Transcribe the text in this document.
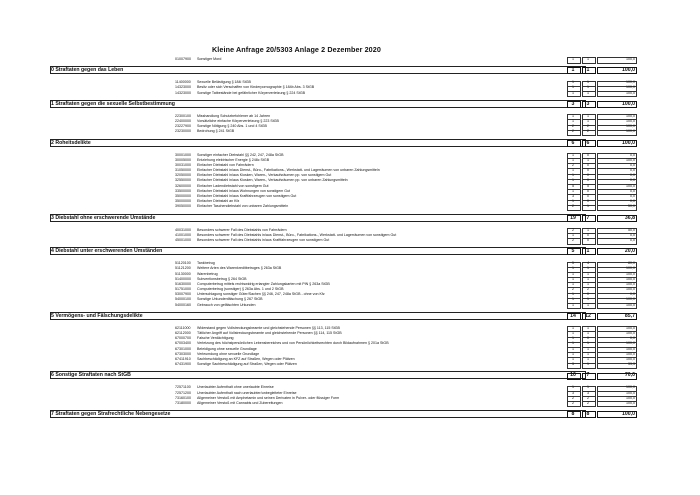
Kleine Anfrage 20/5303 Anlage 2 Dezember 2020
01007900	Sonstiger Mord	1	1	100,0
0 Straftaten gegen das Leben	1	1	100,0
11400000	Sexuelle Belästigung § 184i StGB	1	1	100,0
14323000	Besitz oder sich Verschaffen von Kinderpornographie § 184b Abs. 3 StGB	1	1	100,0
14323000	Sonstige Tatbestände bei gefährlicher Körperverletzung § 224 StGB	1	1	100,0
1 Straftaten gegen die sexuelle Selbstbestimmung	3	3	100,0
22300100	Misshandlung Schutzbefohlener ab 14 Jahren	1	1	100,0
22400000	Vorsätzliche einfache Körperverletzung § 223 StGB	1	1	100,0
23227900	Sonstige Nötigung § 240 Abs. 1 und 4 StGB	2	2	100,0
23230000	Bedrohung § 241 StGB	2	2	100,0
2 Roheitsdelikte	6	6	100,0
30001000	Sonstiger einfacher Diebstahl §§ 242, 247, 248a StGB	1	0	0,0
30005000	Entziehung elektrischer Energie § 248c StGB	1	1	100,0
30031000	Einfacher Diebstahl von Fahrrädern	2	0	0,0
31050000	Einfacher Diebstahl in/aus Dienst-, Büro-, Fabrikations-, Werkstatt- und Lagerräumen von unbaren Zahlungsmitteln	1	0	0,0
32050000	Einfacher Diebstahl in/aus Kiosken, Waren-, Verkaufsräumen pp. von sonstigem Gut	1	0	0,0
32550000	Einfacher Diebstahl in/aus Kiosken, Waren-, Verkaufsräumen pp. von unbaren Zahlungsmitteln	1	0	0,0
32600000	Einfacher Ladendiebstahl von sonstigem Gut	5	5	100,0
33500000	Einfacher Diebstahl in/aus Wohnungen von sonstigem Gut	1	0	0,0
35000000	Einfacher Diebstahl in/aus Kraftfahrzeugen von sonstigem Gut	3	0	0,0
35000000	Einfacher Diebstahl an Kfz	1	0	0,0
39050000	Einfacher Taschendiebstahl von unbaren Zahlungsmitteln	2	1	50,0
3 Diebstahl ohne erschwerende Umstände	19	7	36,8
40031000	Besonders schwerer Fall des Diebstahls von Fahrrädern	2	1	50,0
41001000	Besonders schwerer Fall des Diebstahls in/aus Dienst-, Büro-, Fabrikations-, Werkstatt- und Lagerräumen von sonstigem Gut	1	0	0,0
45001000	Besonders schwerer Fall des Diebstahls in/aus Kraftfahrzeugen von sonstigem Gut	2	0	0,0
4 Diebstahl unter erschwerenden Umständen	5	1	20,0
51120100	Tankbetrug	5	4	80,0
51121200	Weitere Arten des Warenkreditbetruges § 263a StGB	1	1	100,0
51130000	Warenbetrug	1	1	100,0
51400000	Subventionsbetrug § 264 StGB	1	1	100,0
51630000	Computerbetrug mittels rechtswidrig erlangter Zahlungskarten mit PIN § 263a StGB	1	1	100,0
51751000	Computerbetrug (sonstiger) § 263a Abs. 1 und 2 StGB	2	2	100,0
53007900	Unterschlagung sonstiger Güter/Sachen §§ 246, 247, 248a StGB - ohne von Kfz	1	0	0,0
54000100	Sonstige Urkundenfälschung § 267 StGB	1	1	100,0
54000160	Gebrauch von gefälschten Urkunden	1	1	100,0
5 Vermögens- und Fälschungsdelikte	14	12	85,7
62111000	Widerstand gegen Vollstreckungsbeamte und gleichstehende Personen §§ 113, 115 StGB	1	1	100,0
62112000	Tätlicher Angriff auf Vollstreckungsbeamte und gleichstehende Personen §§ 114, 115 StGB	1	1	100,0
67000700	Falsche Verdächtigung	1	0	0,0
67003400	Verletzung des höchstpersönlichen Lebensbereiches und von Persönlichkeitsrechten durch Bildaufnahmen § 201a StGB	1	1	100,0
67301000	Beleidigung ohne sexuelle Grundlage	1	1	100,0
67303000	Verleumdung ohne sexuelle Grundlage	1	1	100,0
67411910	Sachbeschädigung an KFZ auf Straßen, Wegen oder Plätzen	1	1	100,0
67431900	Sonstige Sachbeschädigung auf Straßen, Wegen oder Plätzen	3	1	33,3
6 Sonstige Straftaten nach StGB	10	7	70,0
72571100	Unerlaubter Aufenthalt ohne unerlaubte Einreise	1	1	100,0
72571200	Unerlaubter Aufenthalt nach unerlaubter/unbegleiteter Einreise	3	3	100,0
73160100	Allgemeiner Verstoß mit Amphetamin und seinen Derivaten in Pulver- oder flüssiger Form	2	2	100,0
73180000	Allgemeiner Verstoß mit Cannabis und Zubereitungen	2	2	100,0
7 Straftaten gegen Strafrechtliche Nebengesetze	8	8	100,0
